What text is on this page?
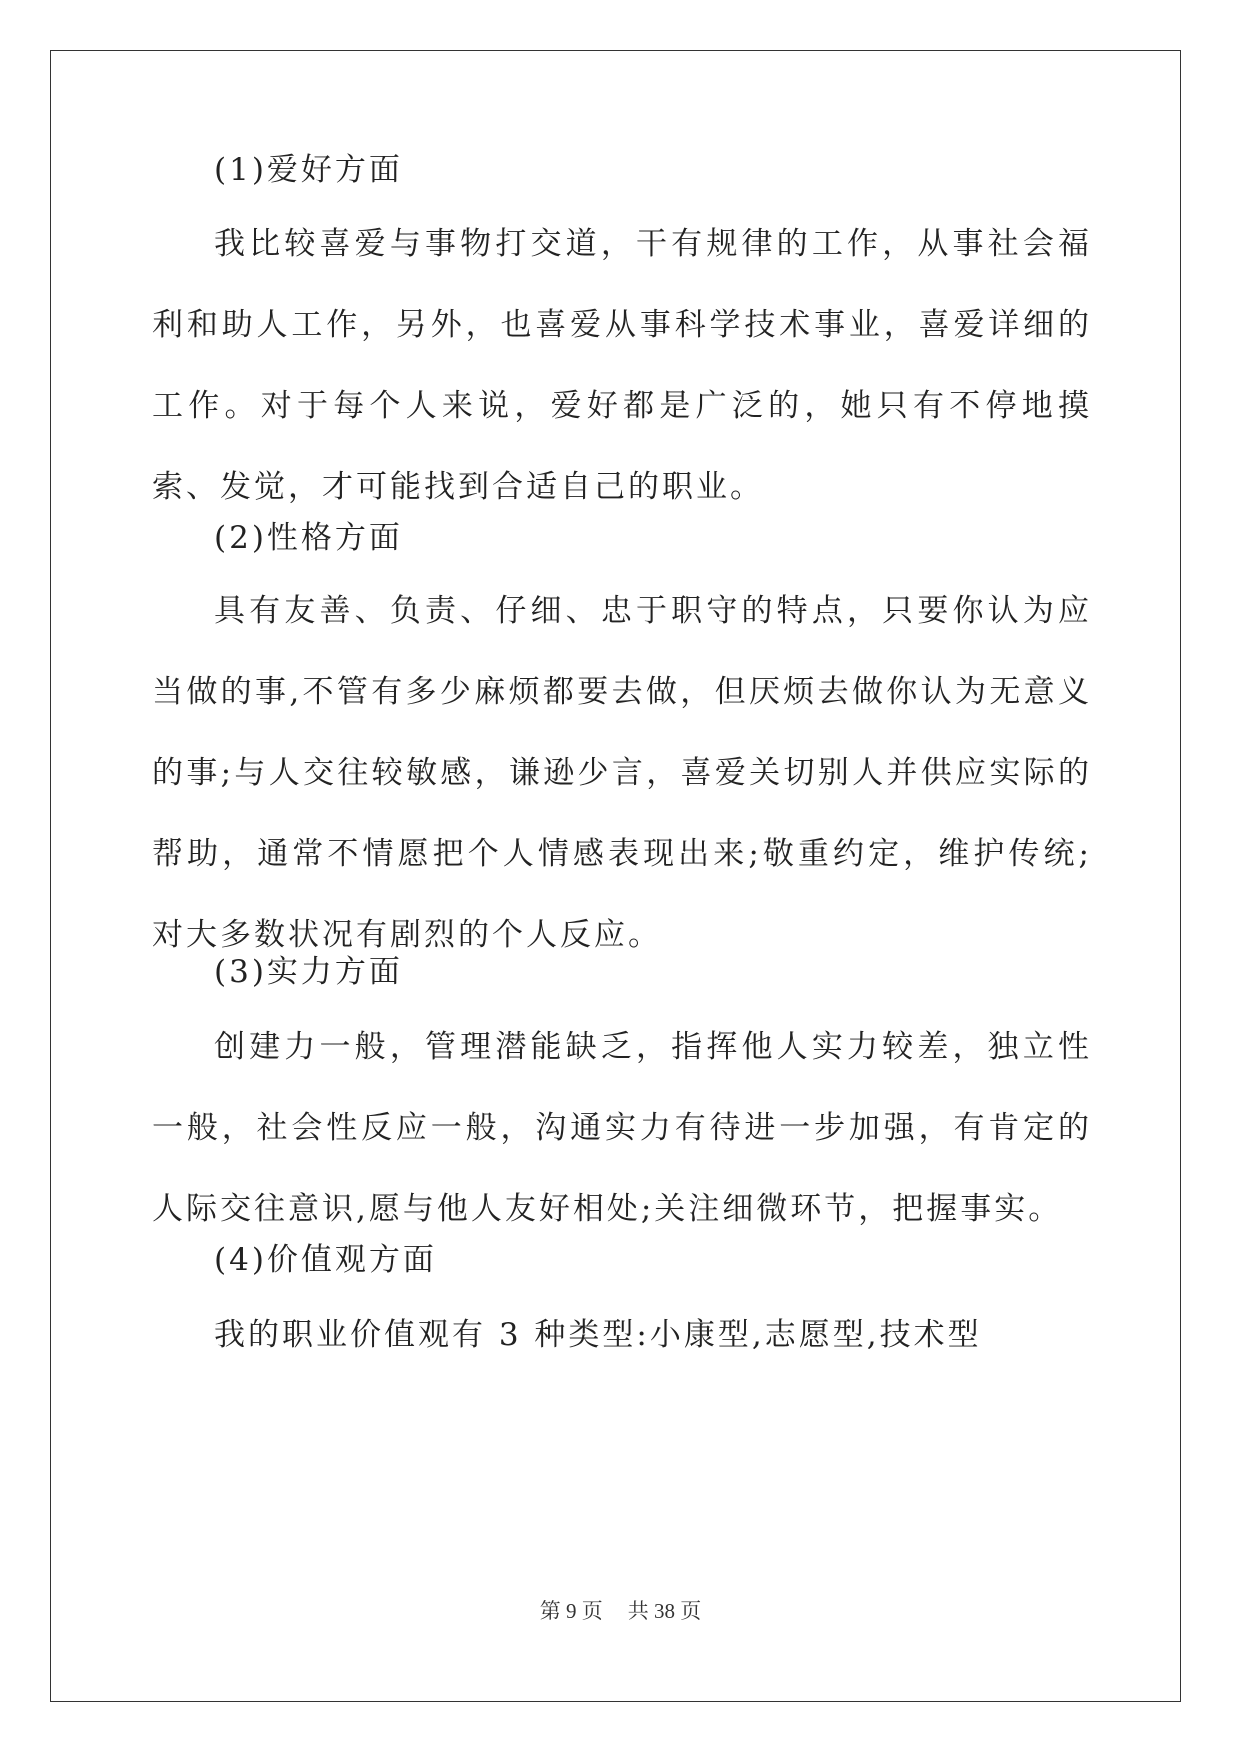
(1)爱好方面
我比较喜爱与事物打交道，干有规律的工作，从事社会福利和助人工作，另外，也喜爱从事科学技术事业，喜爱详细的工作。对于每个人来说，爱好都是广泛的，她只有不停地摸索、发觉，才可能找到合适自己的职业。
(2)性格方面
具有友善、负责、仔细、忠于职守的特点，只要你认为应当做的事,不管有多少麻烦都要去做，但厌烦去做你认为无意义的事;与人交往较敏感，谦逊少言，喜爱关切别人并供应实际的帮助，通常不情愿把个人情感表现出来;敬重约定，维护传统;对大多数状况有剧烈的个人反应。
(3)实力方面
创建力一般，管理潜能缺乏，指挥他人实力较差，独立性一般，社会性反应一般，沟通实力有待进一步加强，有肯定的人际交往意识,愿与他人友好相处;关注细微环节，把握事实。
(4)价值观方面
我的职业价值观有 3 种类型:小康型,志愿型,技术型
第 9 页 共 38 页
